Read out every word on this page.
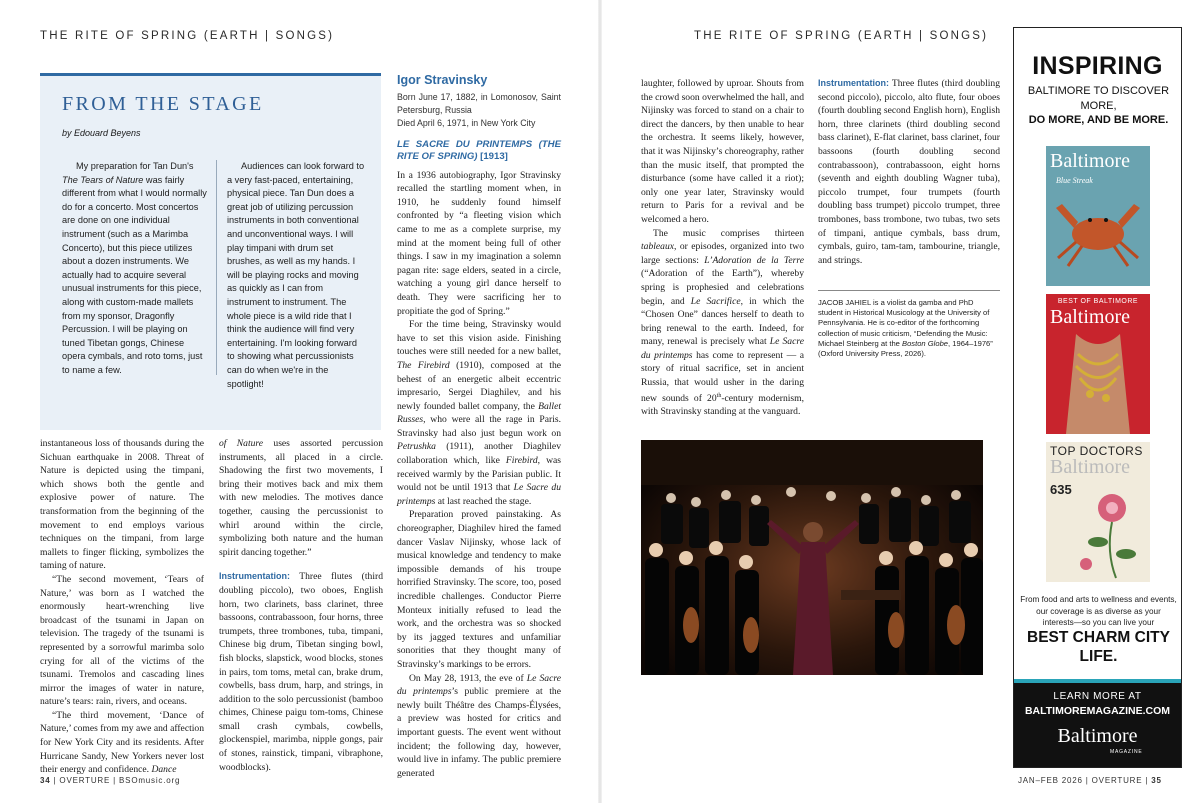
THE RITE OF SPRING (EARTH | SONGS)	THE RITE OF SPRING (EARTH | SONGS)
FROM THE STAGE
by Edouard Beyens

My preparation for Tan Dun's The Tears of Nature was fairly different from what I would normally do for a concerto. Most concertos are done on one individual instrument (such as a Marimba Concerto), but this piece utilizes about a dozen instruments. We actually had to acquire several unusual instruments for this piece, along with custom-made mallets from my sponsor, Dragonfly Percussion. I will be playing on tuned Tibetan gongs, Chinese opera cymbals, and roto toms, just to name a few.

Audiences can look forward to a very fast-paced, entertaining, physical piece. Tan Dun does a great job of utilizing percussion instruments in both conventional and unconventional ways. I will play timpani with drum set brushes, as well as my hands. I will be playing rocks and moving as quickly as I can from instrument to instrument. The whole piece is a wild ride that I think the audience will find very entertaining. I'm looking forward to showing what percussionists can do when we're in the spotlight!

instantaneous loss of thousands during the Sichuan earthquake in 2008. Threat of Nature is depicted using the timpani, which shows both the gentle and explosive power of nature. The transformation from the beginning of the movement to end employs various techniques on the timpani, from large mallets to finger flicking, symbolizes the taming of nature.

“The second movement, ‘Tears of Nature,’ was born as I watched the enormously heart-wrenching live broadcast of the tsunami in Japan on television. The tragedy of the tsunami is represented by a sorrowful marimba solo crying for all of the victims of the tsunami. Tremolos and cascading lines mirror the images of water in nature, nature’s tears: rain, rivers, and oceans.

“The third movement, ‘Dance of Nature,’ comes from my awe and affection for New York City and its residents. After Hurricane Sandy, New Yorkers never lost their energy and confidence. Dance

of Nature uses assorted percussion instruments, all placed in a circle. Shadowing the first two movements, I bring their motives back and mix them with new melodies. The motives dance together, causing the percussionist to whirl around within the circle, symbolizing both nature and the human spirit dancing together.”

Instrumentation: Three flutes (third doubling piccolo), two oboes, English horn, two clarinets, bass clarinet, three bassoons, contrabassoon, four horns, three trumpets, three trombones, tuba, timpani, Chinese big drum, Tibetan singing bowl, fish blocks, slapstick, wood blocks, stones in pairs, tom toms, metal can, brake drum, cowbells, bass drum, harp, and strings, in addition to the solo percussionist (bamboo chimes, Chinese paigu tom-toms, Chinese small crash cymbals, cowbells, glockenspiel, marimba, nipple gongs, pair of stones, rainstick, timpani, vibraphone, woodblocks).

Igor Stravinsky
Born June 17, 1882, in Lomonosov, Saint Petersburg, Russia
Died April 6, 1971, in New York City
LE SACRE DU PRINTEMPS (THE RITE OF SPRING) [1913]

In a 1936 autobiography, Igor Stravinsky recalled the startling moment when, in 1910, he suddenly found himself confronted by “a fleeting vision which came to me as a complete surprise, my mind at the moment being full of other things. I saw in my imagination a solemn pagan rite: sage elders, seated in a circle, watching a young girl dance herself to death. They were sacrificing her to propitiate the god of Spring.”

For the time being, Stravinsky would have to set this vision aside. Finishing touches were still needed for a new ballet, The Firebird (1910), composed at the behest of an energetic albeit eccentric impresario, Sergei Diaghilev, and his newly founded ballet company, the Ballet Russes, who were all the rage in Paris. Stravinsky had also just begun work on Petrushka (1911), another Diaghilev collaboration which, like Firebird, was received warmly by the Parisian public. It would not be until 1913 that Le Sacre du printemps at last reached the stage.

Preparation proved painstaking. As choreographer, Diaghilev hired the famed dancer Vaslav Nijinsky, whose lack of musical knowledge and tendency to make impossible demands of his troupe horrified Stravinsky. The score, too, posed incredible challenges. Conductor Pierre Monteux initially refused to lead the work, and the orchestra was so shocked by its jagged textures and unfamiliar sonorities that they thought many of Stravinsky’s markings to be errors.

On May 28, 1913, the eve of Le Sacre du printemps’s public premiere at the newly built Théâtre des Champs-Élysées, a preview was hosted for critics and important guests. The event went without incident; the following day, however, would live in infamy. The public premiere generated

laughter, followed by uproar. Shouts from the crowd soon overwhelmed the hall, and Nijinsky was forced to stand on a chair to direct the dancers, by then unable to hear the orchestra. It seems likely, however, that it was Nijinsky’s choreography, rather than the music itself, that prompted the disturbance (some have called it a riot); only one year later, Stravinsky would return to Paris for a revival and be welcomed a hero.

The music comprises thirteen tableaux, or episodes, organized into two large sections: L’Adoration de la Terre (“Adoration of the Earth”), whereby spring is prophesied and celebrations begin, and Le Sacrifice, in which the “Chosen One” dances herself to death to bring renewal to the earth. Indeed, for many, renewal is precisely what Le Sacre du printemps has come to represent — a story of ritual sacrifice, set in ancient Russia, that would usher in the daring new sounds of 20th-century modernism, with Stravinsky standing at the vanguard.

Instrumentation: Three flutes (third doubling second piccolo), piccolo, alto flute, four oboes (fourth doubling second English horn), English horn, three clarinets (third doubling second bass clarinet), E-flat clarinet, bass clarinet, four bassoons (fourth doubling second contrabassoon), contrabassoon, eight horns (seventh and eighth doubling Wagner tuba), piccolo trumpet, four trumpets (fourth doubling bass trumpet) piccolo trumpet, three trombones, bass trombone, two tubas, two sets of timpani, antique cymbals, bass drum, cymbals, guiro, tam-tam, tambourine, triangle, and strings.

JACOB JAHIEL is a violist da gamba and PhD student in Historical Musicology at the University of Pennsylvania. He is co-editor of the forthcoming collection of music criticism, “Defending the Music: Michael Steinberg at the Boston Globe, 1964–1976” (Oxford University Press, 2026).
34 | OVERTURE | BSOmusic.org	JAN–FEB 2026 | OVERTURE | 35
INSPIRING
BALTIMORE TO DISCOVER MORE,
DO MORE, AND BE MORE.
Baltimore
Blue Streak
BEST OF BALTIMORE
Baltimore
TOP DOCTORS
Baltimore
635
From food and arts to wellness and events, our coverage is as diverse as your interests—so you can live your
BEST CHARM CITY LIFE.
LEARN MORE AT
BALTIMOREMAGAZINE.COM
Baltimore
MAGAZINE
